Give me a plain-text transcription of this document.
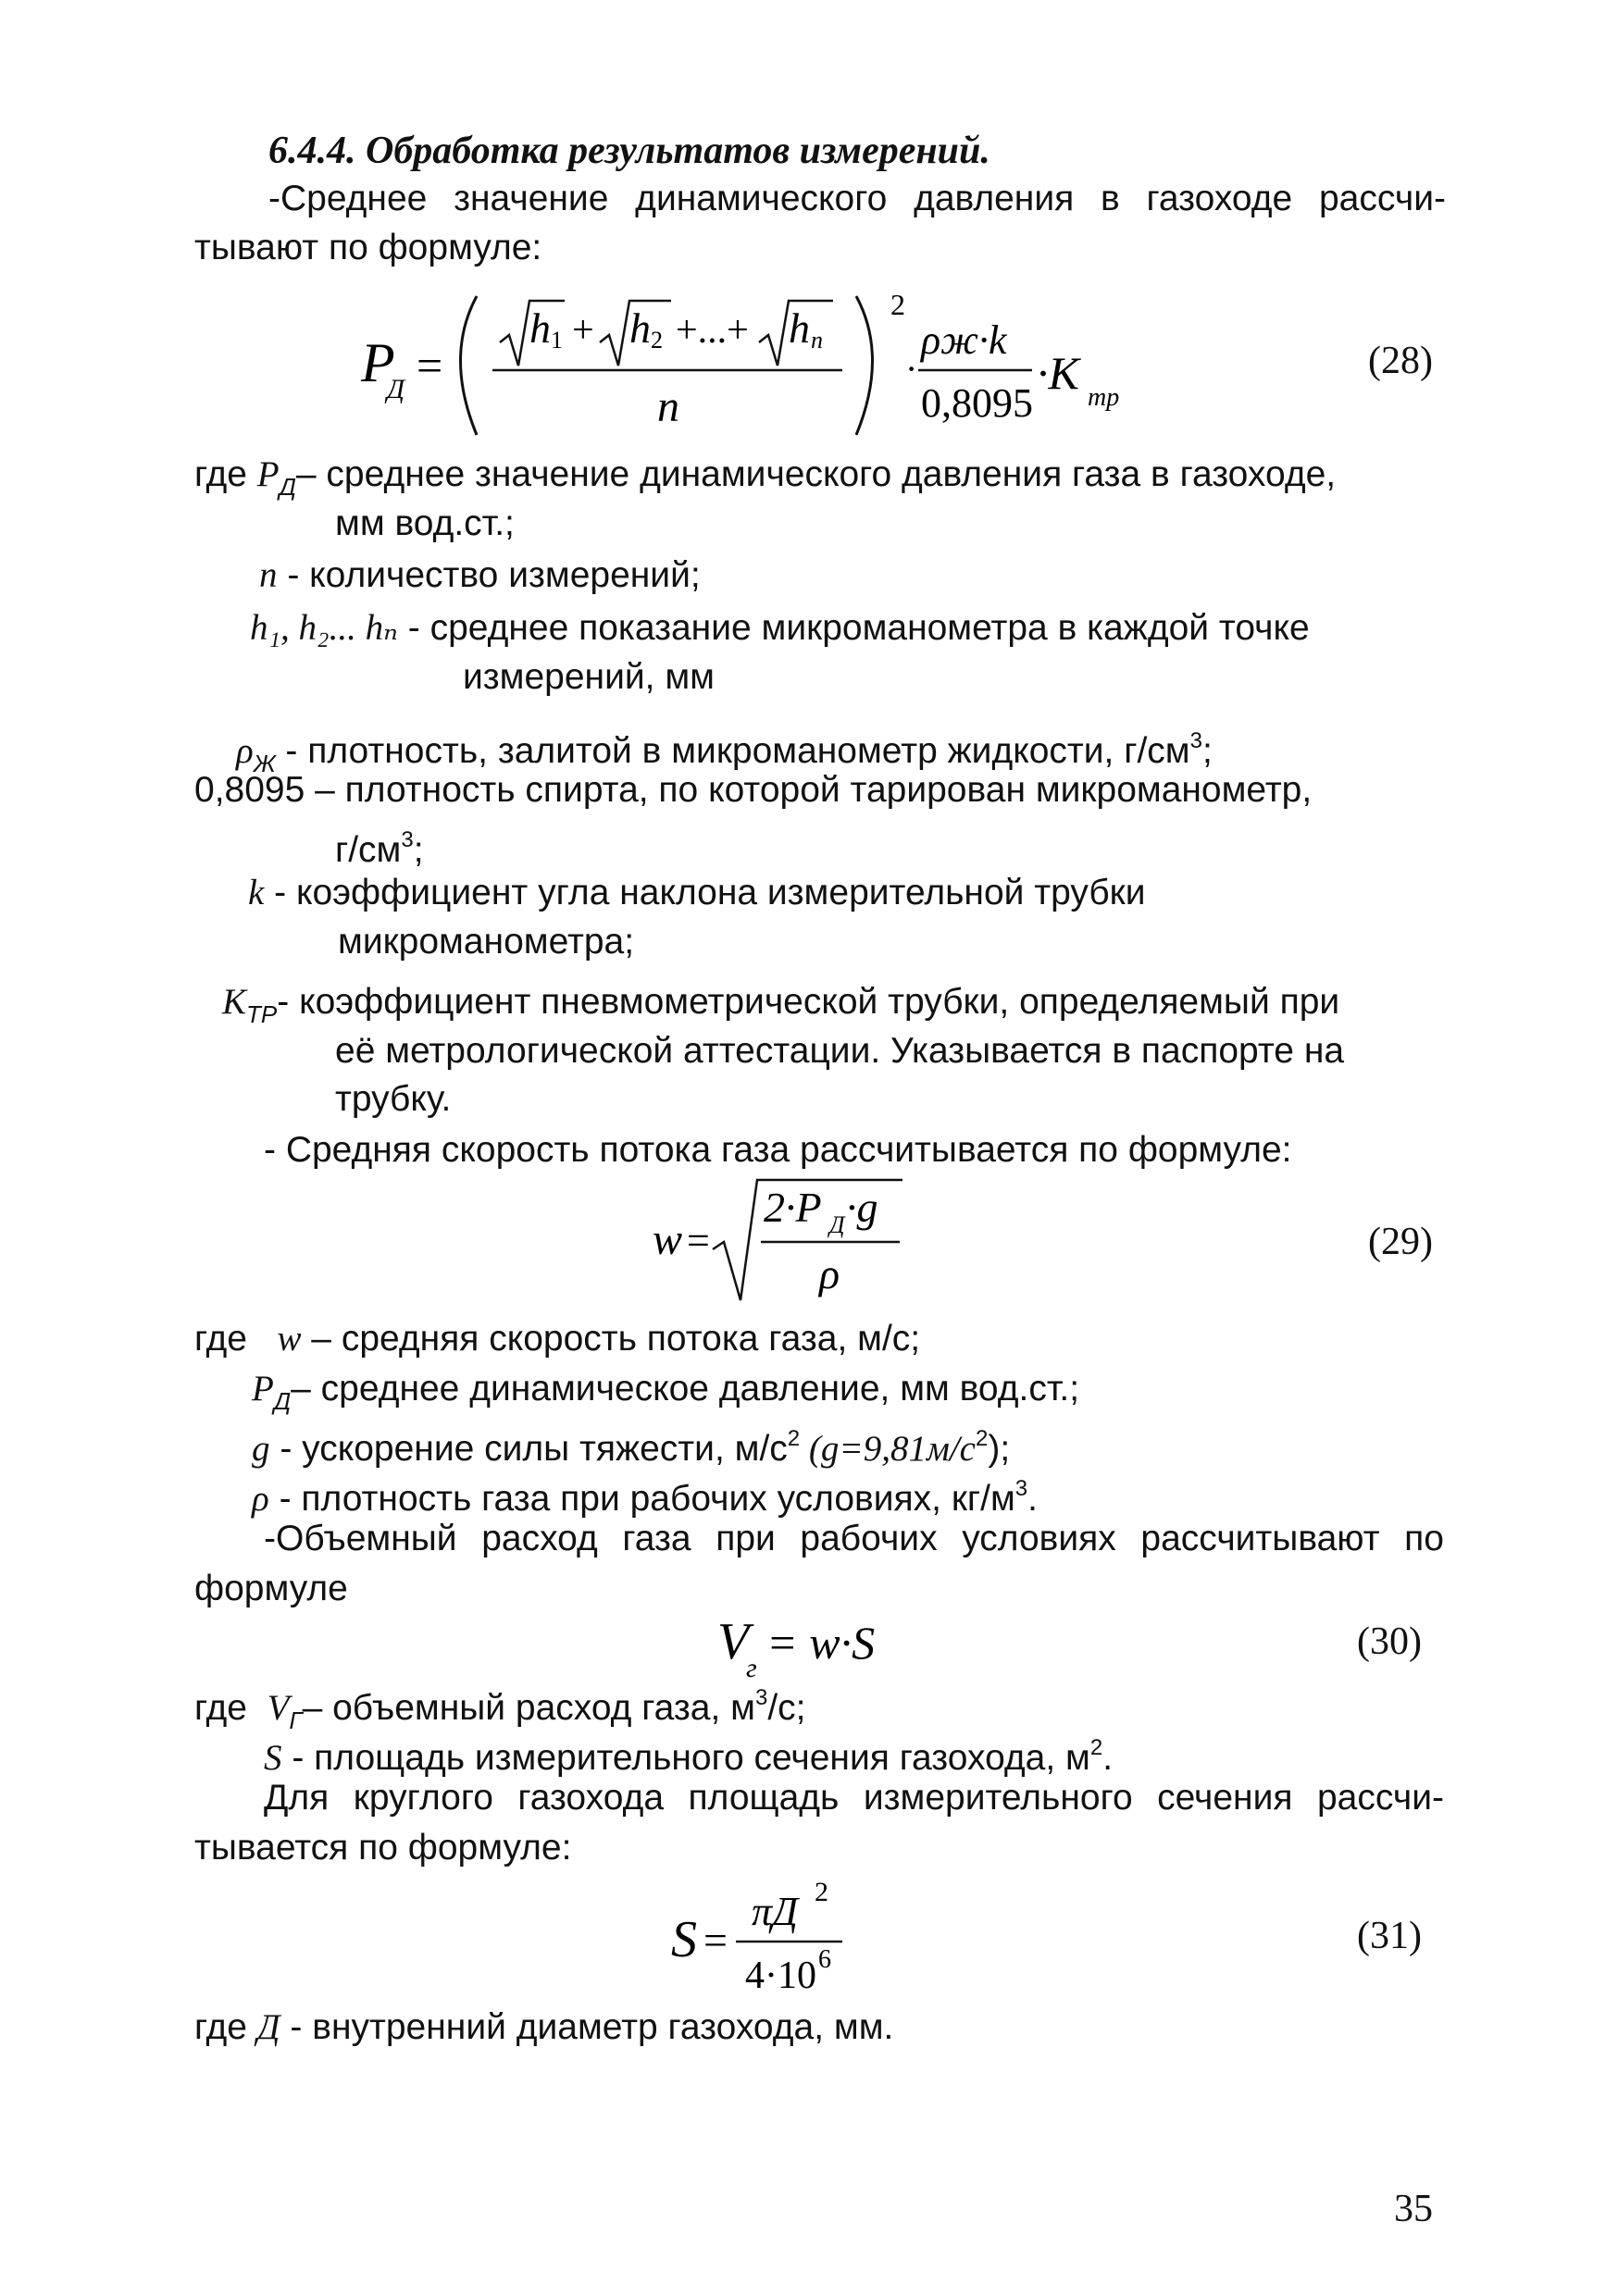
6.4.4. Обработка результатов измерений.
-Среднее значение динамического давления в газоходе рассчи-
тывают по формуле:
P
Д =
h 1 + h 2 +...+ h n
n
2
·
ρж·k
0,8095
·K тр
(28)
где $P_Д-$ среднее значение динамического давления газа в газоходе,
мм вод.ст.;
n - количество измерений;
h₁, h₂... hₙ - среднее показание микроманометра в каждой точке
измерений, мм
$\rho_Ж$ - плотность, залитой в микроманометр жидкости, $г/см^3$;
0,8095 – плотность спирта, по которой тарирован микроманометр,
$г/см^3$;
k - коэффициент угла наклона измерительной трубки
микроманометра;
$K_{ТР}-$ коэффициент пневмометрической трубки, определяемый при
её метрологической аттестации. Указывается в паспорте на
трубку.
- Средняя скорость потока газа рассчитывается по формуле:
w =
2·P Д ·g
ρ
(29)
где w – средняя скорость потока газа, м/с;
$P_Д-$ среднее динамическое давление, мм вод.ст.;
g - ускорение силы тяжести, $м/с^2$ $(g=9,81м/с^2)$;
ρ - плотность газа при рабочих условиях, $кг/м^3$.
-Объемный расход газа при рабочих условиях рассчитывают по
формуле
V
г = w·S	(30)
где $V_Г-$ объемный расход газа, $м^3/с$;
S - площадь измерительного сечения газохода, $м^2$.
Для круглого газохода площадь измерительного сечения рассчи-
тывается по формуле:
S =
πД 2
4·10 6
(31)
где Д - внутренний диаметр газохода, мм.
35
